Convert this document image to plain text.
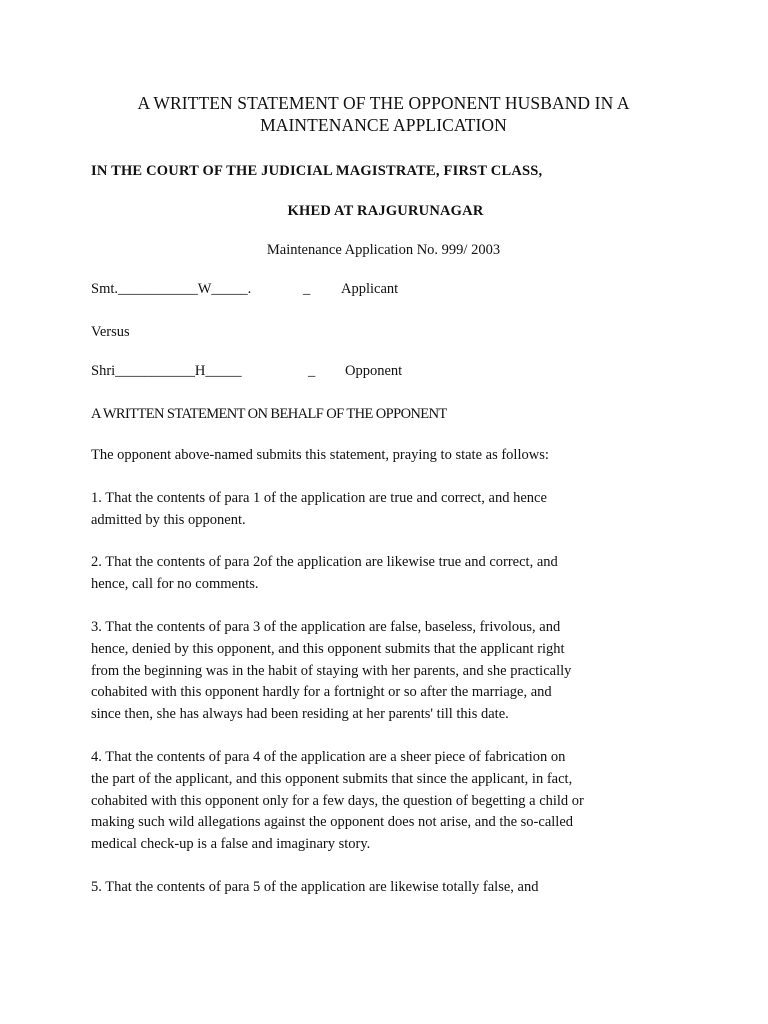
A WRITTEN STATEMENT OF THE OPPONENT HUSBAND IN A
MAINTENANCE APPLICATION
IN THE COURT OF THE JUDICIAL MAGISTRATE, FIRST CLASS,
KHED AT RAJGURUNAGAR
Maintenance Application No. 999/ 2003
Smt.___________W_____.	_ Applicant
Versus
Shri___________H_____	_ Opponent
A WRITTEN STATEMENT ON BEHALF OF THE OPPONENT
The opponent above-named submits this statement, praying to state as follows:
1. That the contents of para 1 of the application are true and correct, and hence
admitted by this opponent.
2. That the contents of para 2of the application are likewise true and correct, and
hence, call for no comments.
3. That the contents of para 3 of the application are false, baseless, frivolous, and
hence, denied by this opponent, and this opponent submits that the applicant right
from the beginning was in the habit of staying with her parents, and she practically
cohabited with this opponent hardly for a fortnight or so after the marriage, and
since then, she has always had been residing at her parents' till this date.
4. That the contents of para 4 of the application are a sheer piece of fabrication on
the part of the applicant, and this opponent submits that since the applicant, in fact,
cohabited with this opponent only for a few days, the question of begetting a child or
making such wild allegations against the opponent does not arise, and the so-called
medical check-up is a false and imaginary story.
5. That the contents of para 5 of the application are likewise totally false, and
